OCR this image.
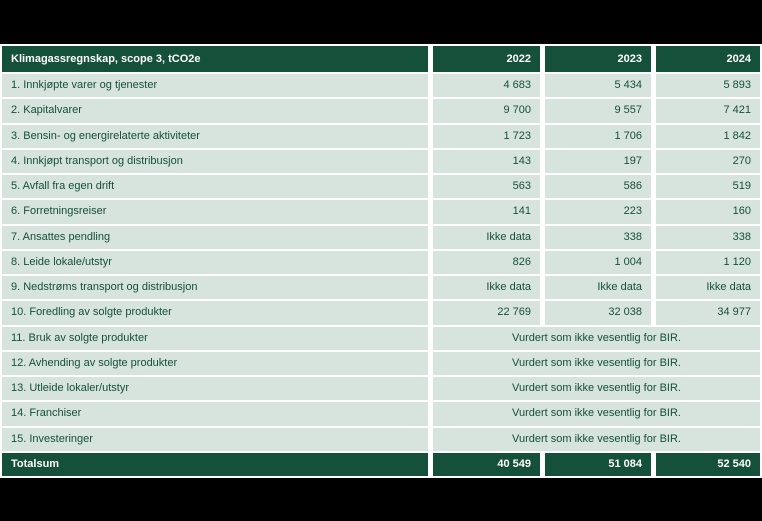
Klimagassregnskap, scope 3, tCO2e	2022	2023	2024
1. Innkjøpte varer og tjenester	4 683	5 434	5 893
2. Kapitalvarer	9 700	9 557	7 421
3. Bensin- og energirelaterte aktiviteter	1 723	1 706	1 842
4. Innkjøpt transport og distribusjon	143	197	270
5. Avfall fra egen drift	563	586	519
6. Forretningsreiser	141	223	160
7. Ansattes pendling	Ikke data	338	338
8. Leide lokale/utstyr	826	1 004	1 120
9. Nedstrøms transport og distribusjon	Ikke data	Ikke data	Ikke data
10. Foredling av solgte produkter	22 769	32 038	34 977
11. Bruk av solgte produkter	Vurdert som ikke vesentlig for BIR.
12. Avhending av solgte produkter	Vurdert som ikke vesentlig for BIR.
13. Utleide lokaler/utstyr	Vurdert som ikke vesentlig for BIR.
14. Franchiser	Vurdert som ikke vesentlig for BIR.
15. Investeringer	Vurdert som ikke vesentlig for BIR.
Totalsum	40 549	51 084	52 540
